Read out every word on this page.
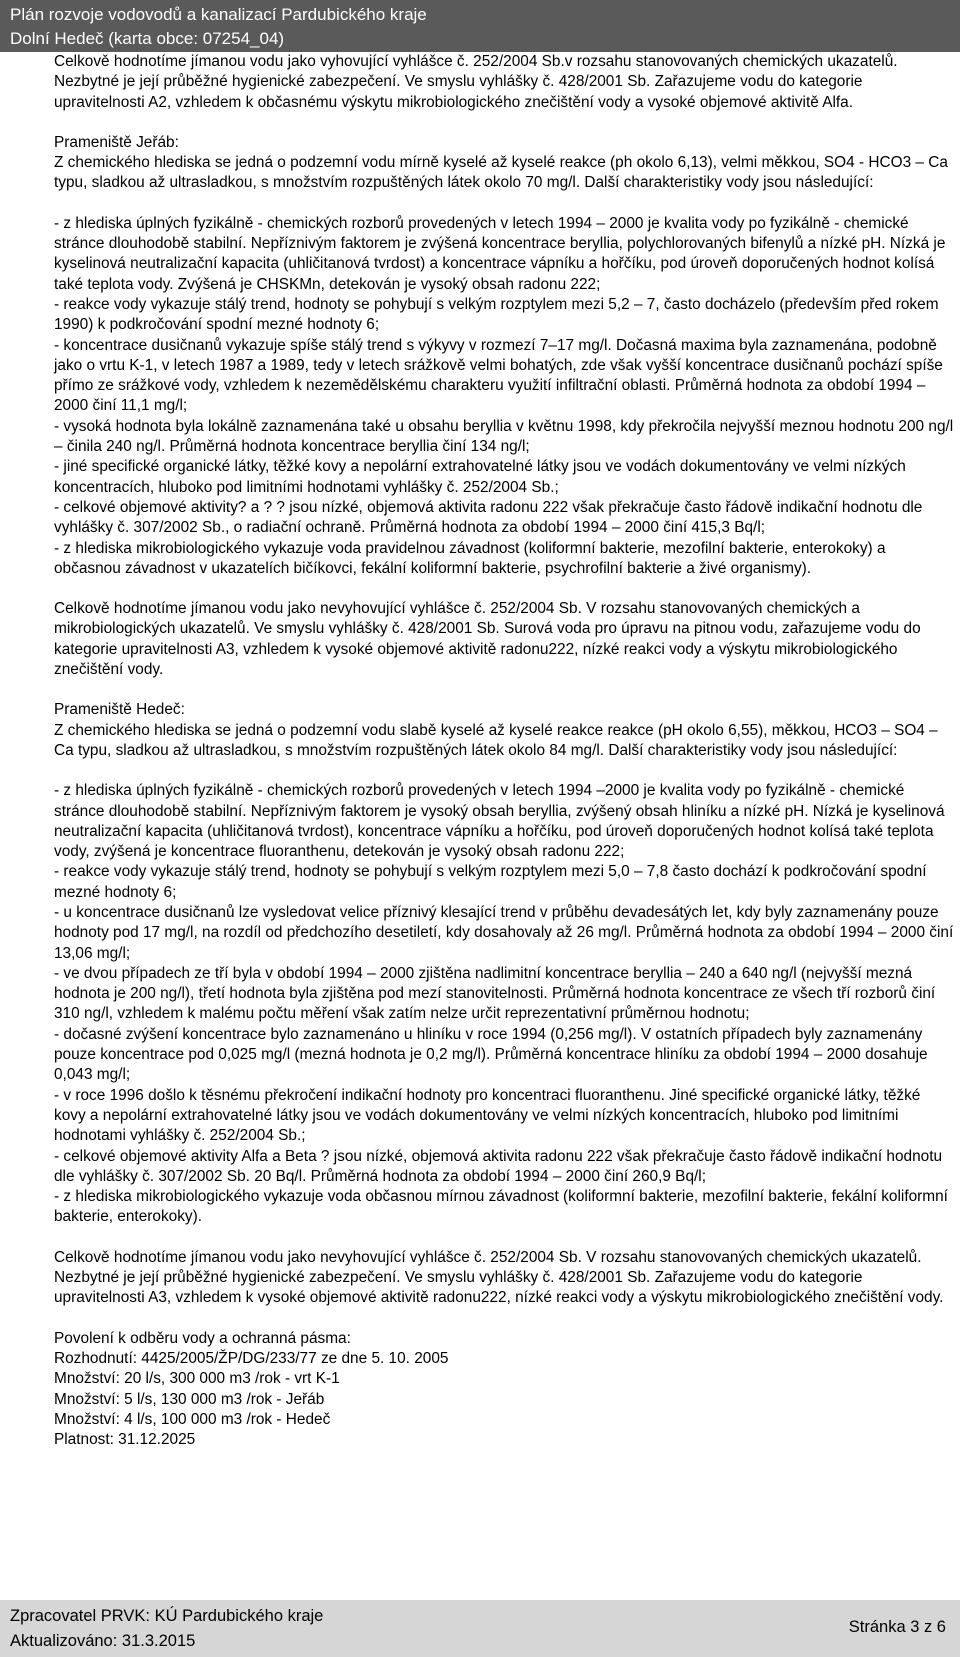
Plán rozvoje vodovodů a kanalizací Pardubického kraje
Dolní Hedeč (karta obce: 07254_04)

Celkově hodnotíme jímanou vodu jako vyhovující vyhlášce č. 252/2004 Sb.v rozsahu stanovovaných chemických ukazatelů. Nezbytné je její průběžné hygienické zabezpečení. Ve smyslu vyhlášky č. 428/2001 Sb. Zařazujeme vodu do kategorie upravitelnosti A2, vzhledem k občasnému výskytu mikrobiologického znečištění vody a vysoké objemové aktivitě Alfa.

Prameniště Jeřáb:
Z chemického hlediska se jedná o podzemní vodu mírně kyselé až kyselé reakce (ph okolo 6,13), velmi měkkou, SO4 - HCO3 – Ca typu, sladkou až ultrasladkou, s množstvím rozpuštěných látek okolo 70 mg/l. Další charakteristiky vody jsou následující:

- z hlediska úplných fyzikálně - chemických rozborů provedených v letech 1994 – 2000 je kvalita vody po fyzikálně - chemické stránce dlouhodobě stabilní. Nepříznivým faktorem je zvýšená koncentrace beryllia, polychlorovaných bifenylů a nízké pH. Nízká je kyselinová neutralizační kapacita (uhličitanová tvrdost) a koncentrace vápníku a hořčíku, pod úroveň doporučených hodnot kolísá také teplota vody. Zvýšená je CHSKMn, detekován je vysoký obsah radonu 222;
- reakce vody vykazuje stálý trend, hodnoty se pohybují s velkým rozptylem mezi 5,2 – 7, často docházelo (především před rokem 1990) k podkročování spodní mezné hodnoty 6;
- koncentrace dusičnanů vykazuje spíše stálý trend s výkyvy v rozmezí 7–17 mg/l. Dočasná maxima byla zaznamenána, podobně jako o vrtu K-1, v letech 1987 a 1989, tedy v letech srážkově velmi bohatých, zde však vyšší koncentrace dusičnanů pochází spíše přímo ze srážkové vody, vzhledem k nezemědělskému charakteru využití infiltrační oblasti. Průměrná hodnota za období 1994 – 2000 činí 11,1 mg/l;
- vysoká hodnota byla lokálně zaznamenána také u obsahu beryllia v květnu 1998, kdy překročila nejvyšší meznou hodnotu 200 ng/l – činila 240 ng/l. Průměrná hodnota koncentrace beryllia činí 134 ng/l;
- jiné specifické organické látky, těžké kovy a nepolární extrahovatelné látky jsou ve vodách dokumentovány ve velmi nízkých koncentracích, hluboko pod limitními hodnotami vyhlášky č. 252/2004 Sb.;
- celkové objemové aktivity? a ? ? jsou nízké, objemová aktivita radonu 222 však překračuje často řádově indikační hodnotu dle vyhlášky č. 307/2002 Sb., o radiační ochraně. Průměrná hodnota za období 1994 – 2000 činí 415,3 Bq/l;
- z hlediska mikrobiologického vykazuje voda pravidelnou závadnost (koliformní bakterie, mezofilní bakterie, enterokoky) a občasnou závadnost v ukazatelích bičíkovci, fekální koliformní bakterie, psychrofilní bakterie a živé organismy).

Celkově hodnotíme jímanou vodu jako nevyhovující vyhlášce č. 252/2004 Sb. V rozsahu stanovovaných chemických a mikrobiologických ukazatelů. Ve smyslu vyhlášky č. 428/2001 Sb. Surová voda pro úpravu na pitnou vodu, zařazujeme vodu do kategorie upravitelnosti A3, vzhledem k vysoké objemové aktivitě radonu222, nízké reakci vody a výskytu mikrobiologického znečištění vody.

Prameniště Hedeč:
Z chemického hlediska se jedná o podzemní vodu slabě kyselé až kyselé reakce reakce (pH okolo 6,55), měkkou, HCO3 – SO4 – Ca typu, sladkou až ultrasladkou, s množstvím rozpuštěných látek okolo 84 mg/l. Další charakteristiky vody jsou následující:

- z hlediska úplných fyzikálně - chemických rozborů provedených v letech 1994 –2000 je kvalita vody po fyzikálně - chemické stránce dlouhodobě stabilní. Nepříznivým faktorem je vysoký obsah beryllia, zvýšený obsah hliníku a nízké pH. Nízká je kyselinová neutralizační kapacita (uhličitanová tvrdost), koncentrace vápníku a hořčíku, pod úroveň doporučených hodnot kolísá také teplota vody, zvýšená je koncentrace fluoranthenu, detekován je vysoký obsah radonu 222;
- reakce vody vykazuje stálý trend, hodnoty se pohybují s velkým rozptylem mezi 5,0 – 7,8 často dochází k podkročování spodní mezné hodnoty 6;
- u koncentrace dusičnanů lze vysledovat velice příznivý klesající trend v průběhu devadesátých let, kdy byly zaznamenány pouze hodnoty pod 17 mg/l, na rozdíl od předchozího desetiletí, kdy dosahovaly až 26 mg/l. Průměrná hodnota za období 1994 – 2000 činí 13,06 mg/l;
- ve dvou případech ze tří byla v období 1994 – 2000 zjištěna nadlimitní koncentrace beryllia – 240 a 640 ng/l (nejvyšší mezná hodnota je 200 ng/l), třetí hodnota byla zjištěna pod mezí stanovitelnosti. Průměrná hodnota koncentrace ze všech tří rozborů činí 310 ng/l, vzhledem k malému počtu měření však zatím nelze určit reprezentativní průměrnou hodnotu;
- dočasné zvýšení koncentrace bylo zaznamenáno u hliníku v roce 1994 (0,256 mg/l). V ostatních případech byly zaznamenány pouze koncentrace pod 0,025 mg/l (mezná hodnota je 0,2 mg/l). Průměrná koncentrace hliníku za období 1994 – 2000 dosahuje 0,043 mg/l;
- v roce 1996 došlo k těsnému překročení indikační hodnoty pro koncentraci fluoranthenu. Jiné specifické organické látky, těžké kovy a nepolární extrahovatelné látky jsou ve vodách dokumentovány ve velmi nízkých koncentracích, hluboko pod limitními hodnotami vyhlášky č. 252/2004 Sb.;
- celkové objemové aktivity Alfa a Beta ? jsou nízké, objemová aktivita radonu 222 však překračuje často řádově indikační hodnotu dle vyhlášky č. 307/2002 Sb. 20 Bq/l. Průměrná hodnota za období 1994 – 2000 činí 260,9 Bq/l;
- z hlediska mikrobiologického vykazuje voda občasnou mírnou závadnost (koliformní bakterie, mezofilní bakterie, fekální koliformní bakterie, enterokoky).

Celkově hodnotíme jímanou vodu jako nevyhovující vyhlášce č. 252/2004 Sb. V rozsahu stanovovaných chemických ukazatelů. Nezbytné je její průběžné hygienické zabezpečení. Ve smyslu vyhlášky č. 428/2001 Sb. Zařazujeme vodu do kategorie upravitelnosti A3, vzhledem k vysoké objemové aktivitě radonu222, nízké reakci vody a výskytu mikrobiologického znečištění vody.

Povolení k odběru vody a ochranná pásma:
Rozhodnutí: 4425/2005/ŽP/DG/233/77 ze dne 5. 10. 2005
Množství: 20 l/s, 300 000 m3 /rok - vrt K-1
Množství: 5 l/s, 130 000 m3 /rok - Jeřáb
Množství: 4 l/s, 100 000 m3 /rok - Hedeč
Platnost: 31.12.2025

Zpracovatel PRVK: KÚ Pardubického kraje
Aktualizováno: 31.3.2015
Stránka 3 z 6
